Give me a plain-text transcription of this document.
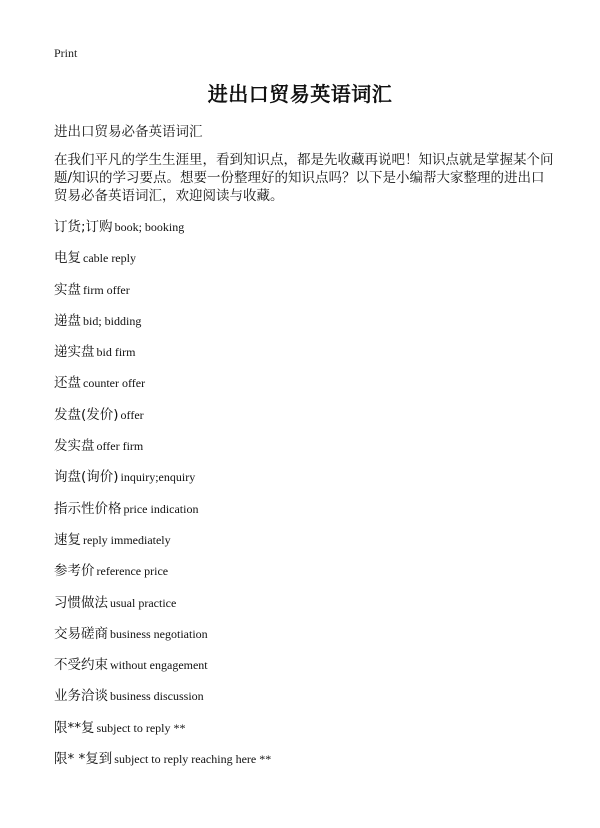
Print
进出口贸易英语词汇
进出口贸易必备英语词汇

在我们平凡的学生生涯里，看到知识点，都是先收藏再说吧！知识点就是掌握某个问题/知识的学习要点。想要一份整理好的知识点吗？以下是小编帮大家整理的进出口贸易必备英语词汇，欢迎阅读与收藏。

订货;订购 book; booking
电复 cable reply
实盘 firm offer
递盘 bid; bidding
递实盘 bid firm
还盘 counter offer
发盘(发价) offer
发实盘 offer firm
询盘(询价) inquiry;enquiry
指示性价格 price indication
速复 reply immediately
参考价 reference price
习惯做法 usual practice
交易磋商 business negotiation
不受约束 without engagement
业务洽谈 business discussion
限**复 subject to reply **
限* *复到 subject to reply reaching here **
